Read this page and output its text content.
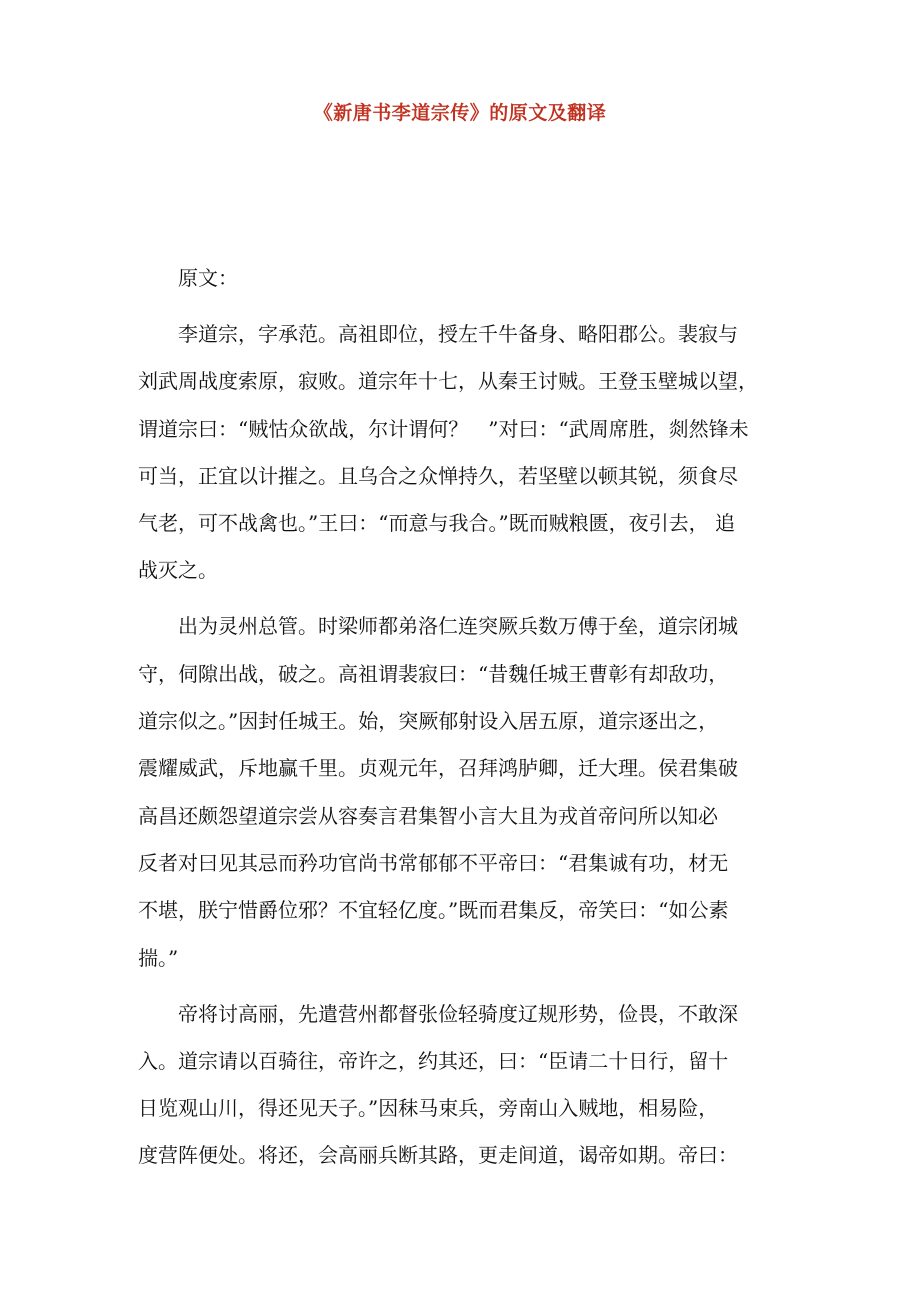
《新唐书李道宗传》的原文及翻译
原文：
李道宗，字承范。高祖即位，授左千牛备身、略阳郡公。裴寂与
刘武周战度索原，寂败。道宗年十七，从秦王讨贼。王登玉壁城以望，
谓道宗曰：“贼怙众欲战，尔计谓何？　”对曰：“武周席胜，剡然锋未
可当，正宜以计摧之。且乌合之众惮持久，若坚壁以顿其锐，须食尽
气老，可不战禽也。”王曰：“而意与我合。”既而贼粮匮，夜引去， 追
战灭之。
出为灵州总管。时梁师都弟洛仁连突厥兵数万傅于垒，道宗闭城
守，伺隙出战，破之。高祖谓裴寂曰：“昔魏任城王曹彰有却敌功，
道宗似之。”因封任城王。始，突厥郁射设入居五原，道宗逐出之，
震耀威武，斥地赢千里。贞观元年，召拜鸿胪卿，迁大理。侯君集破
高昌还颇怨望道宗尝从容奏言君集智小言大且为戎首帝问所以知必
反者对曰见其忌而矜功官尚书常郁郁不平帝曰：“君集诚有功，材无
不堪，朕宁惜爵位邪？不宜轻亿度。”既而君集反，帝笑曰：“如公素
揣。”
帝将讨高丽，先遣营州都督张俭轻骑度辽规形势，俭畏，不敢深
入。道宗请以百骑往，帝许之，约其还，曰：“臣请二十日行，留十
日览观山川，得还见天子。”因秣马束兵，旁南山入贼地，相易险，
度营阵便处。将还，会高丽兵断其路，更走间道，谒帝如期。帝曰：
